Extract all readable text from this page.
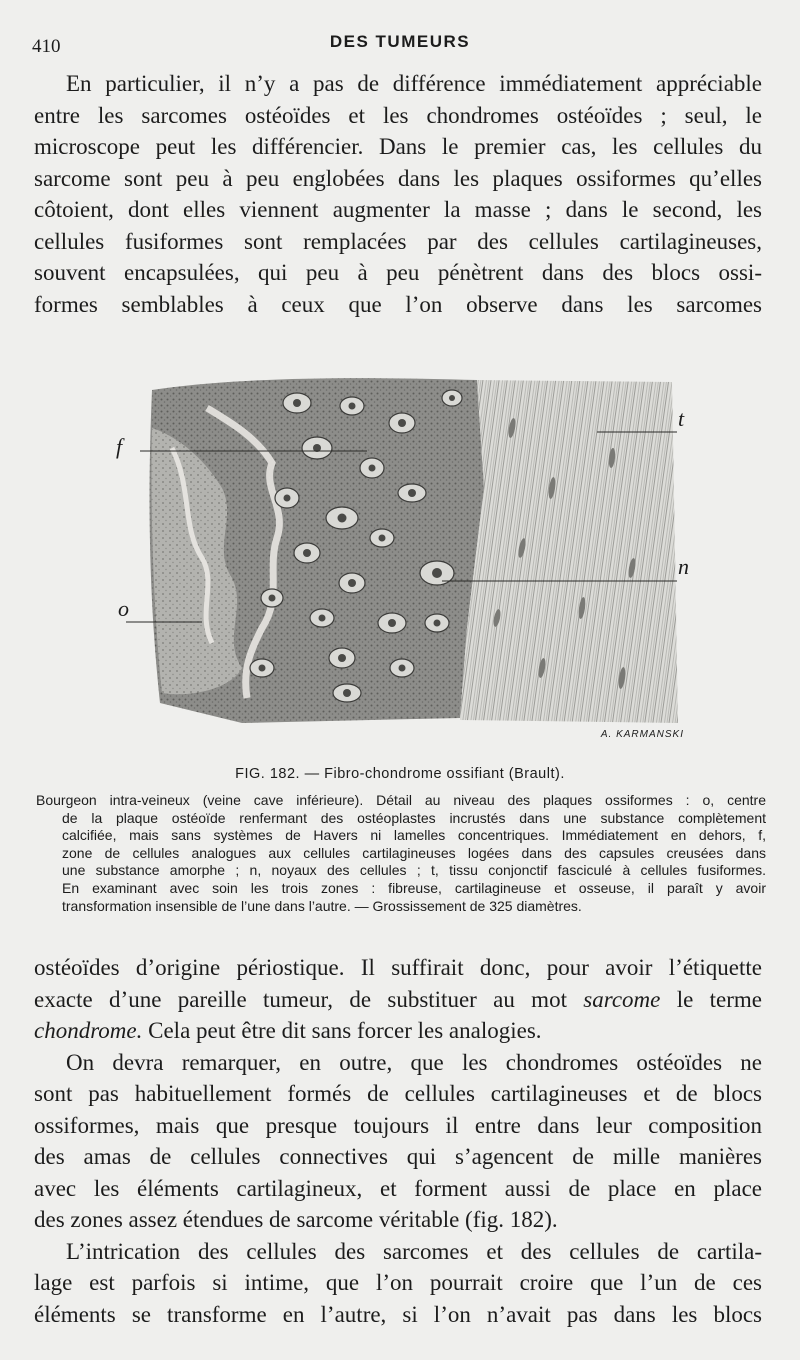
410	DES TUMEURS
En particulier, il n’y a pas de différence immédiatement appréciable
entre les sarcomes ostéoïdes et les chondromes ostéoïdes ; seul, le
microscope peut les différencier. Dans le premier cas, les cellules du
sarcome sont peu à peu englobées dans les plaques ossiformes qu’elles
côtoient, dont elles viennent augmenter la masse ; dans le second, les
cellules fusiformes sont remplacées par des cellules cartilagineuses,
souvent encapsulées, qui peu à peu pénètrent dans des blocs ossi-
formes semblables à ceux que l’on observe dans les sarcomes
f
t
n
o
A. KARMANSKI
FIG. 182. — Fibro-chondrome ossifiant (Brault).
Bourgeon intra-veineux (veine cave inférieure). Détail au niveau des plaques ossiformes : o, centre
de la plaque ostéoïde renfermant des ostéoplastes incrustés dans une substance complètement
calcifiée, mais sans systèmes de Havers ni lamelles concentriques. Immédiatement en dehors, f,
zone de cellules analogues aux cellules cartilagineuses logées dans des capsules creusées dans
une substance amorphe ; n, noyaux des cellules ; t, tissu conjonctif fasciculé à cellules fusiformes.
En examinant avec soin les trois zones : fibreuse, cartilagineuse et osseuse, il paraît y avoir
transformation insensible de l’une dans l’autre. — Grossissement de 325 diamètres.
ostéoïdes d’origine périostique. Il suffirait donc, pour avoir l’étiquette
exacte d’une pareille tumeur, de substituer au mot sarcome le terme
chondrome. Cela peut être dit sans forcer les analogies.
On devra remarquer, en outre, que les chondromes ostéoïdes ne
sont pas habituellement formés de cellules cartilagineuses et de blocs
ossiformes, mais que presque toujours il entre dans leur composition
des amas de cellules connectives qui s’agencent de mille manières
avec les éléments cartilagineux, et forment aussi de place en place
des zones assez étendues de sarcome véritable (fig. 182).
L’intrication des cellules des sarcomes et des cellules de cartila-
lage est parfois si intime, que l’on pourrait croire que l’un de ces
éléments se transforme en l’autre, si l’on n’avait pas dans les blocs
